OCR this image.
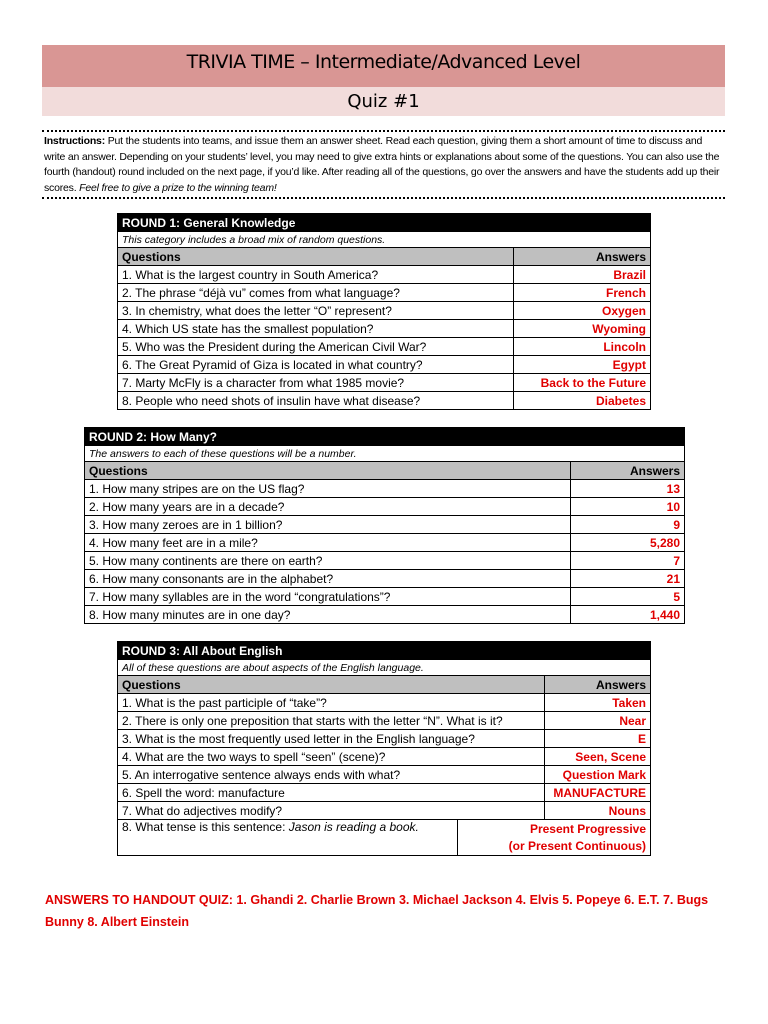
TRIVIA TIME – Intermediate/Advanced Level
Quiz #1
Instructions: Put the students into teams, and issue them an answer sheet. Read each question, giving them a short amount of time to discuss and write an answer. Depending on your students’ level, you may need to give extra hints or explanations about some of the questions. You can also use the fourth (handout) round included on the next page, if you’d like. After reading all of the questions, go over the answers and have the students add up their scores. Feel free to give a prize to the winning team!
ROUND 1: General Knowledge	
This category includes a broad mix of random questions.	
Questions	Answers
1. What is the largest country in South America?	Brazil
2. The phrase “déjà vu” comes from what language?	French
3. In chemistry, what does the letter “O” represent?	Oxygen
4. Which US state has the smallest population?	Wyoming
5. Who was the President during the American Civil War?	Lincoln
6. The Great Pyramid of Giza is located in what country?	Egypt
7. Marty McFly is a character from what 1985 movie?	Back to the Future
8. People who need shots of insulin have what disease?	Diabetes
ROUND 2: How Many?	
The answers to each of these questions will be a number.	
Questions	Answers
1. How many stripes are on the US flag?	13
2. How many years are in a decade?	10
3. How many zeroes are in 1 billion?	9
4. How many feet are in a mile?	5,280
5. How many continents are there on earth?	7
6. How many consonants are in the alphabet?	21
7. How many syllables are in the word “congratulations”?	5
8. How many minutes are in one day?	1,440
ROUND 3: All About English		
All of these questions are about aspects of the English language.		
Questions		Answers
1. What is the past participle of “take”?		Taken
2. There is only one preposition that starts with the letter “N”. What is it?		Near
3. What is the most frequently used letter in the English language?		E
4. What are the two ways to spell “seen” (scene)?		Seen, Scene
5. An interrogative sentence always ends with what?		Question Mark
6. Spell the word: manufacture		MANUFACTURE
7. What do adjectives modify?		Nouns
8. What tense is this sentence: Jason is reading a book.	Present Progressive
(or Present Continuous)	
ANSWERS TO HANDOUT QUIZ: 1. Ghandi 2. Charlie Brown 3. Michael Jackson 4. Elvis 5. Popeye 6. E.T. 7. Bugs Bunny 8. Albert Einstein
